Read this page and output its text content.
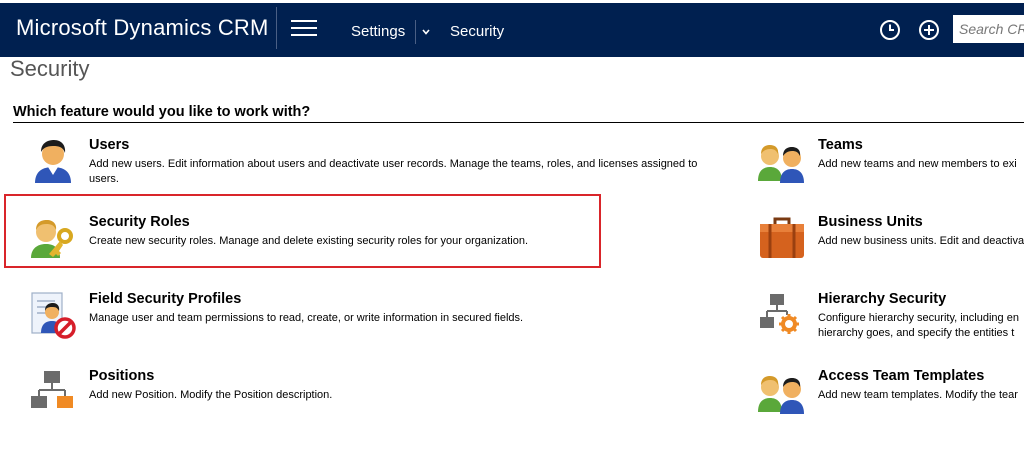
Microsoft Dynamics CRM	Settings	Security
Search CRM data
Security
Which feature would you like to work with?
Users
Add new users. Edit information about users and deactivate user records. Manage the teams, roles, and licenses assigned to users.
Security Roles
Create new security roles. Manage and delete existing security roles for your organization.
Field Security Profiles
Manage user and team permissions to read, create, or write information in secured fields.
Positions
Add new Position. Modify the Position description.
Teams
Add new teams and new members to exi
Business Units
Add new business units. Edit and deactiva
Hierarchy Security
Configure hierarchy security, including en hierarchy goes, and specify the entities t
Access Team Templates
Add new team templates. Modify the tear
